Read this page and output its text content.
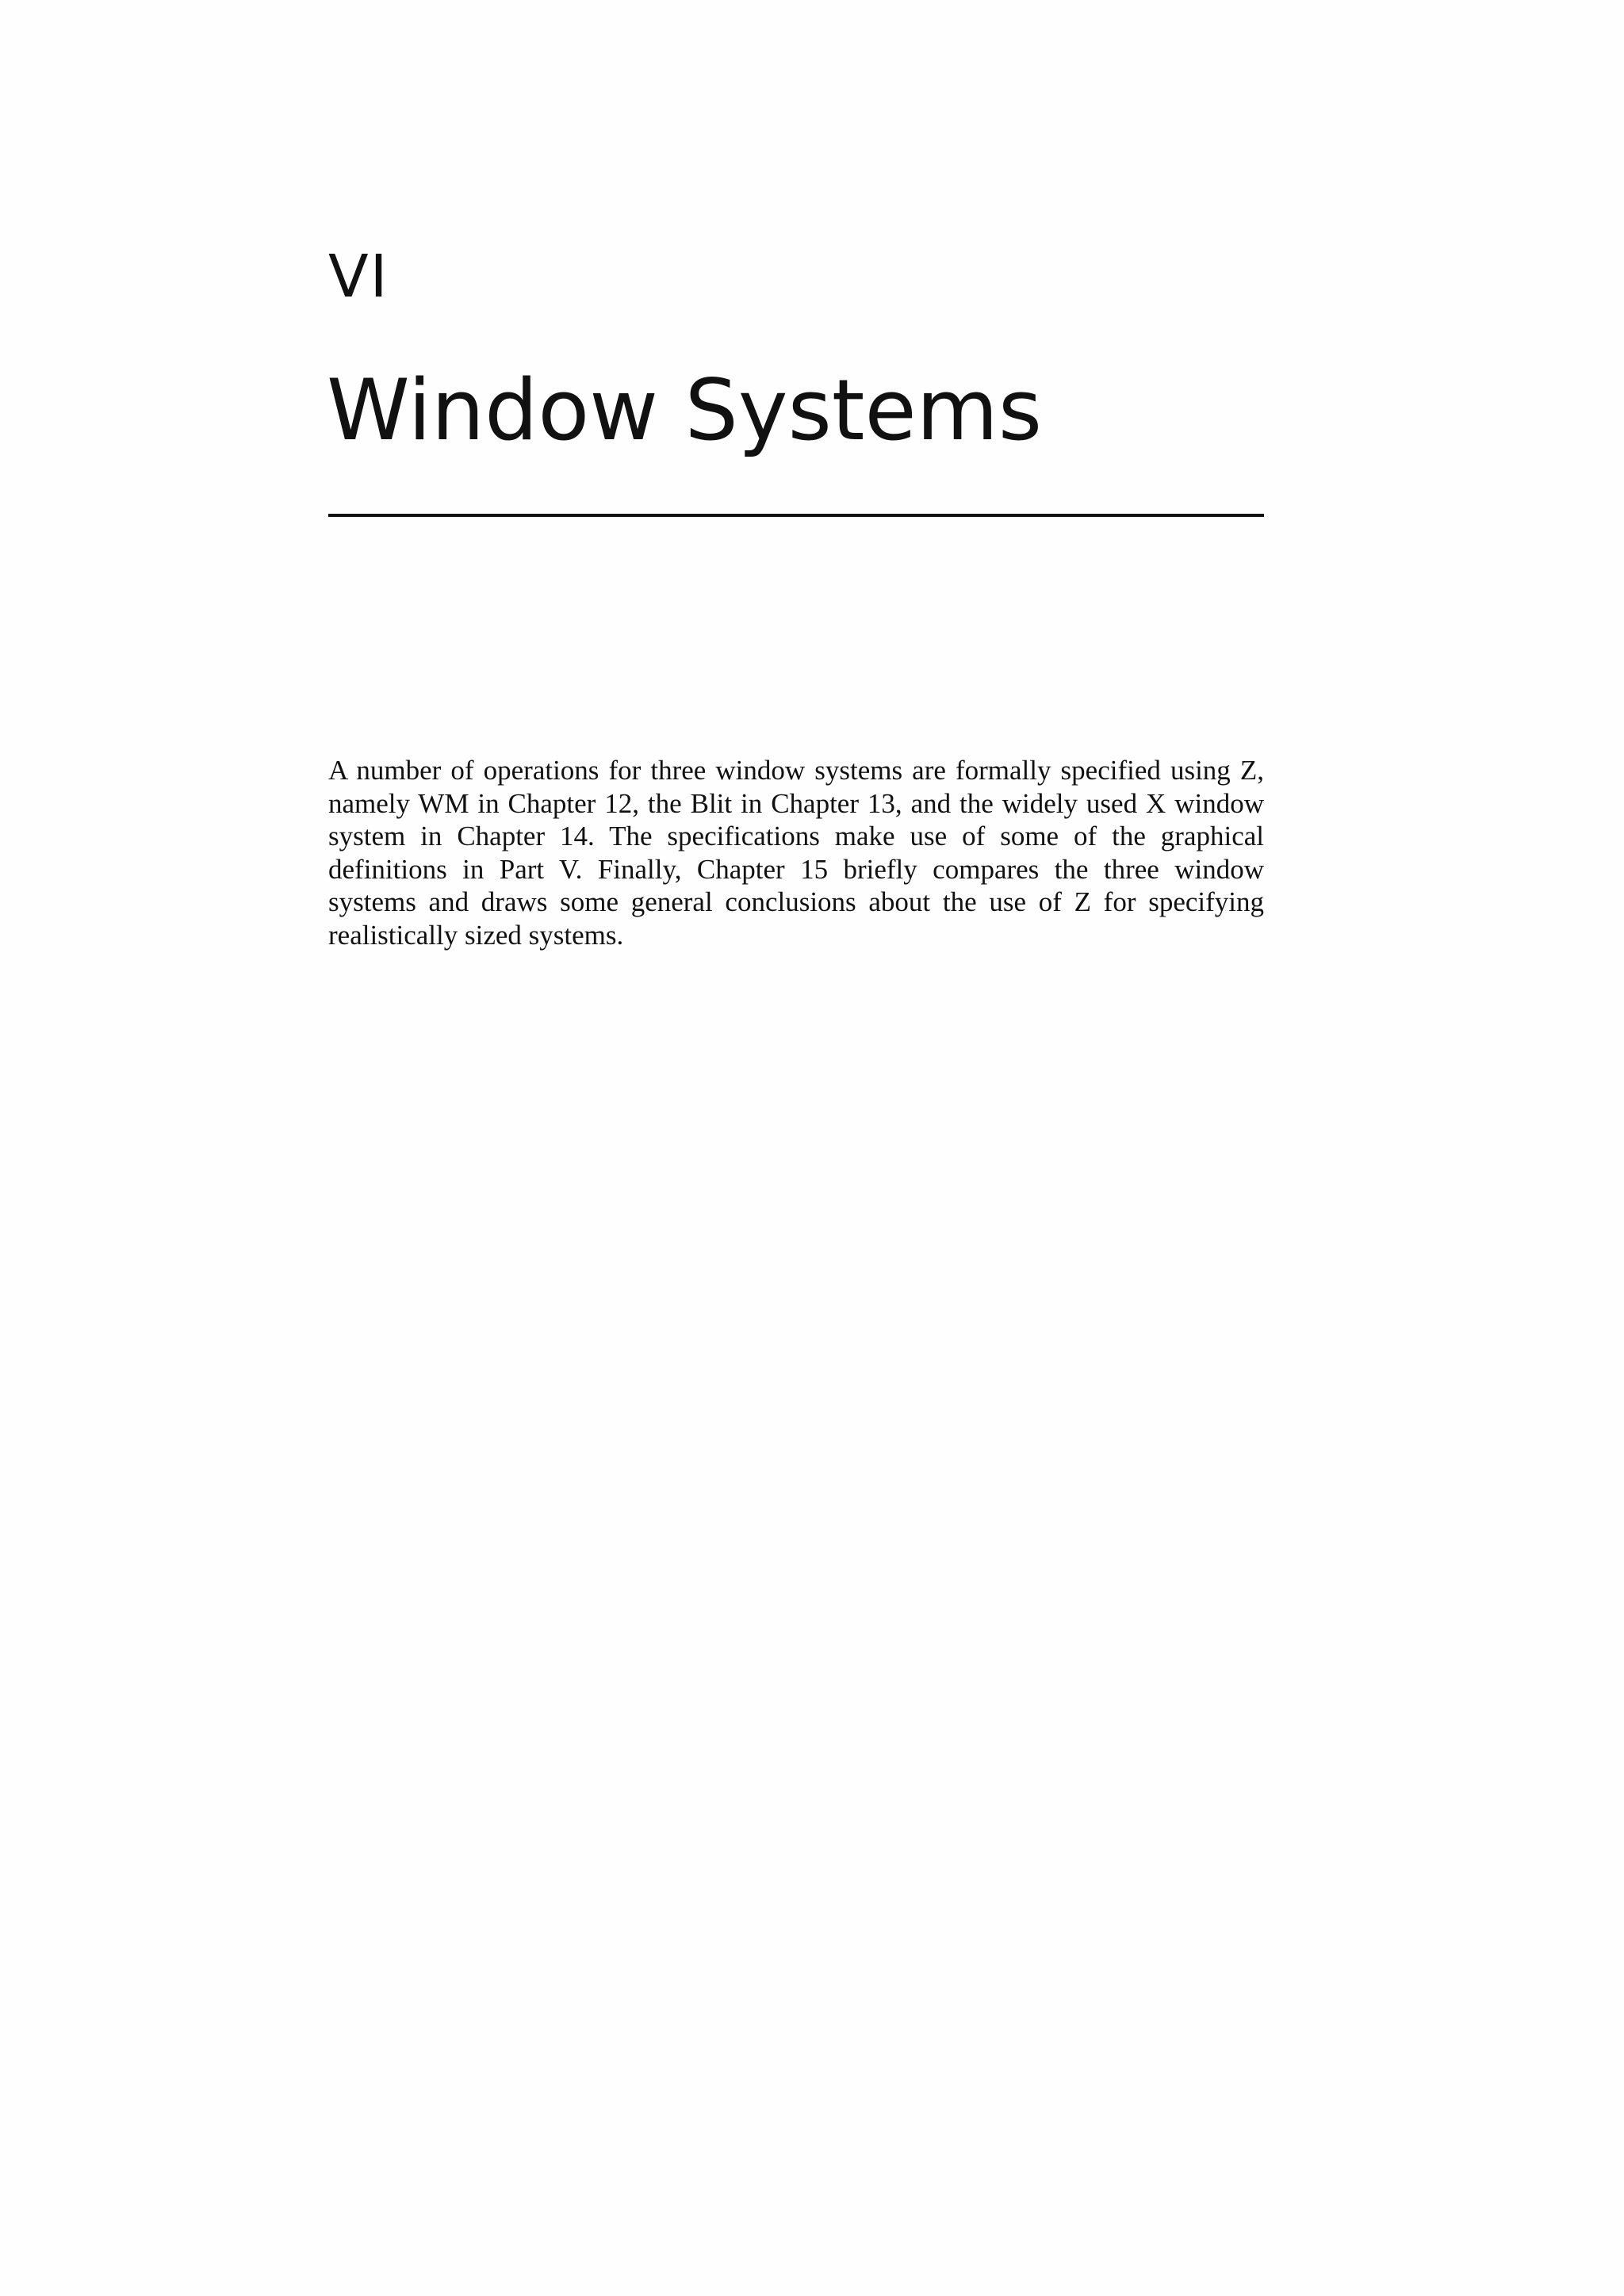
VI
Window Systems

A number of operations for three window systems are formally specified using Z, namely WM in Chapter 12, the Blit in Chapter 13, and the widely used X window system in Chapter 14. The specifications make use of some of the graphical definitions in Part V. Finally, Chapter 15 briefly compares the three window systems and draws some general conclusions about the use of Z for specifying realistically sized systems.
